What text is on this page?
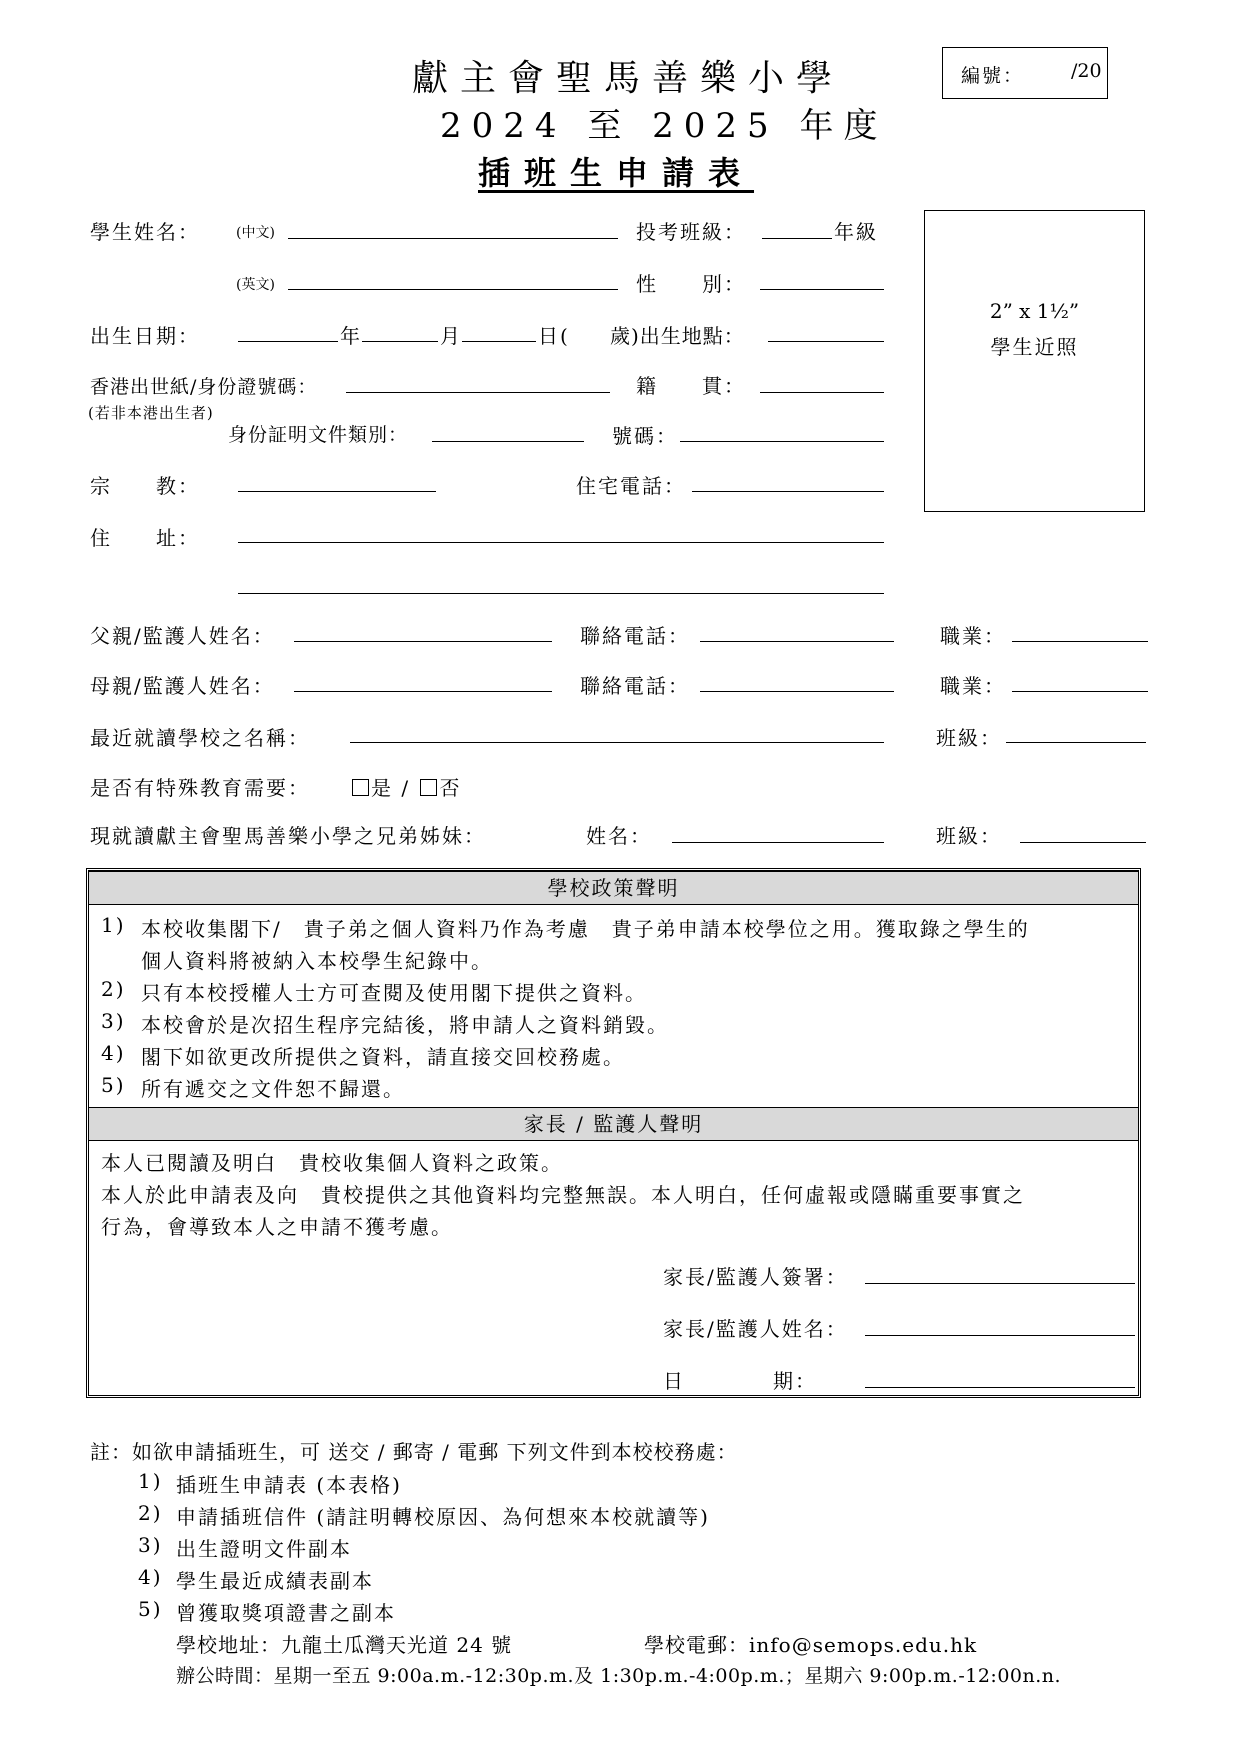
獻主會聖馬善樂小學
2024 至 2025 年度
插班生申請表
編號： /20
2” x 1½”
學生近照
學生姓名：	(中文)	投考班級：	年級
(英文)	性　　別：
出生日期：	年	月	日( 歲)出生地點：
香港出世紙/身份證號碼：	籍　　貫：
(若非本港出生者)
身份証明文件類別：	號碼：
宗　　教：	住宅電話：
住　　址：
父親/監護人姓名：	聯絡電話：	職業：
母親/監護人姓名：	聯絡電話：	職業：
最近就讀學校之名稱：	班級：
是否有特殊教育需要：	是 / 否
現就讀獻主會聖馬善樂小學之兄弟姊妹：	姓名：	班級：
學校政策聲明
1) 本校收集閣下/　貴子弟之個人資料乃作為考慮　貴子弟申請本校學位之用。獲取錄之學生的
個人資料將被納入本校學生紀錄中。
2) 只有本校授權人士方可查閱及使用閣下提供之資料。
3) 本校會於是次招生程序完結後，將申請人之資料銷毀。
4) 閣下如欲更改所提供之資料，請直接交回校務處。
5) 所有遞交之文件恕不歸還。
家長 / 監護人聲明
本人已閱讀及明白　貴校收集個人資料之政策。
本人於此申請表及向　貴校提供之其他資料均完整無誤。本人明白，任何虛報或隱瞞重要事實之
行為，會導致本人之申請不獲考慮。
家長/監護人簽署：
家長/監護人姓名：
日　　　　期：
註：如欲申請插班生，可 送交 / 郵寄 / 電郵 下列文件到本校校務處：
1) 插班生申請表 (本表格)
2) 申請插班信件 (請註明轉校原因、為何想來本校就讀等)
3) 出生證明文件副本
4) 學生最近成績表副本
5) 曾獲取獎項證書之副本
學校地址：九龍土瓜灣天光道 24 號	學校電郵：info@semops.edu.hk
辦公時間：星期一至五 9:00a.m.-12:30p.m.及 1:30p.m.-4:00p.m.；星期六 9:00p.m.-12:00n.n.
